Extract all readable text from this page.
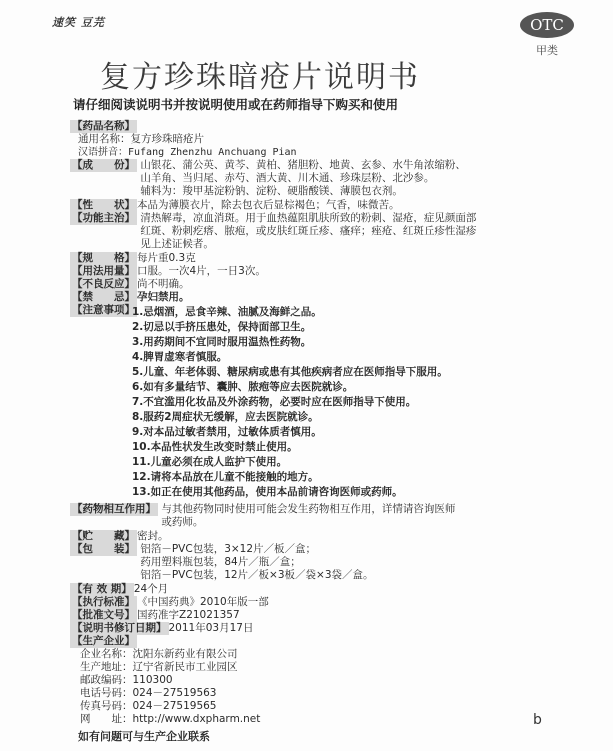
速笑 豆芫	OTC
甲类
复方珍珠暗疮片说明书
请仔细阅读说明书并按说明使用或在药师指导下购买和使用
【药品名称】
通用名称：复方珍珠暗疮片
汉语拼音：Fufang Zhenzhu Anchuang Pian
【成　　份】 山银花、蒲公英、黄芩、黄柏、猪胆粉、地黄、玄参、水牛角浓缩粉、
山羊角、当归尾、赤芍、酒大黄、川木通、珍珠层粉、北沙参。
辅料为：羧甲基淀粉钠、淀粉、硬脂酸镁、薄膜包衣剂。
【性　　状】 本品为薄膜衣片，除去包衣后显棕褐色；气香，味微苦。
【功能主治】 清热解毒，凉血消斑。用于血热蕴阻肌肤所致的粉刺、湿疮，症见颜面部
红斑、粉刺疙瘩、脓疱，或皮肤红斑丘疹、瘙痒；痤疮、红斑丘疹性湿疹
见上述证候者。
【规　　格】 每片重0.3克
【用法用量】 口服。一次4片，一日3次。
【不良反应】 尚不明确。
【禁　　忌】 孕妇禁用。
【注意事项】
1.忌烟酒，忌食辛辣、油腻及海鲜之品。
2.切忌以手挤压患处，保持面部卫生。
3.用药期间不宜同时服用温热性药物。
4.脾胃虚寒者慎服。
5.儿童、年老体弱、糖尿病或患有其他疾病者应在医师指导下服用。
6.如有多量结节、囊肿、脓疱等应去医院就诊。
7.不宜滥用化妆品及外涂药物，必要时应在医师指导下使用。
8.服药2周症状无缓解，应去医院就诊。
9.对本品过敏者禁用，过敏体质者慎用。
10.本品性状发生改变时禁止使用。
11.儿童必须在成人监护下使用。
12.请将本品放在儿童不能接触的地方。
13.如正在使用其他药品，使用本品前请咨询医师或药师。
【药物相互作用】 与其他药物同时使用可能会发生药物相互作用，详情请咨询医师
或药师。
【贮　　藏】 密封。
【包　　装】 铝箔－PVC包装，3×12片／板／盒；
药用塑料瓶包装，84片／瓶／盒；
铝箔－PVC包装，12片／板×3板／袋×3袋／盒。
【有 效 期】 24个月
【执行标准】 《中国药典》2010年版一部
【批准文号】 国药准字Z21021357
【说明书修订日期】 2011年03月17日
【生产企业】
企业名称：沈阳东新药业有限公司
生产地址：辽宁省新民市工业园区
邮政编码：110300
电话号码：024－27519563
传真号码：024－27519565
网　　址：http://www.dxpharm.net
如有问题可与生产企业联系
b
